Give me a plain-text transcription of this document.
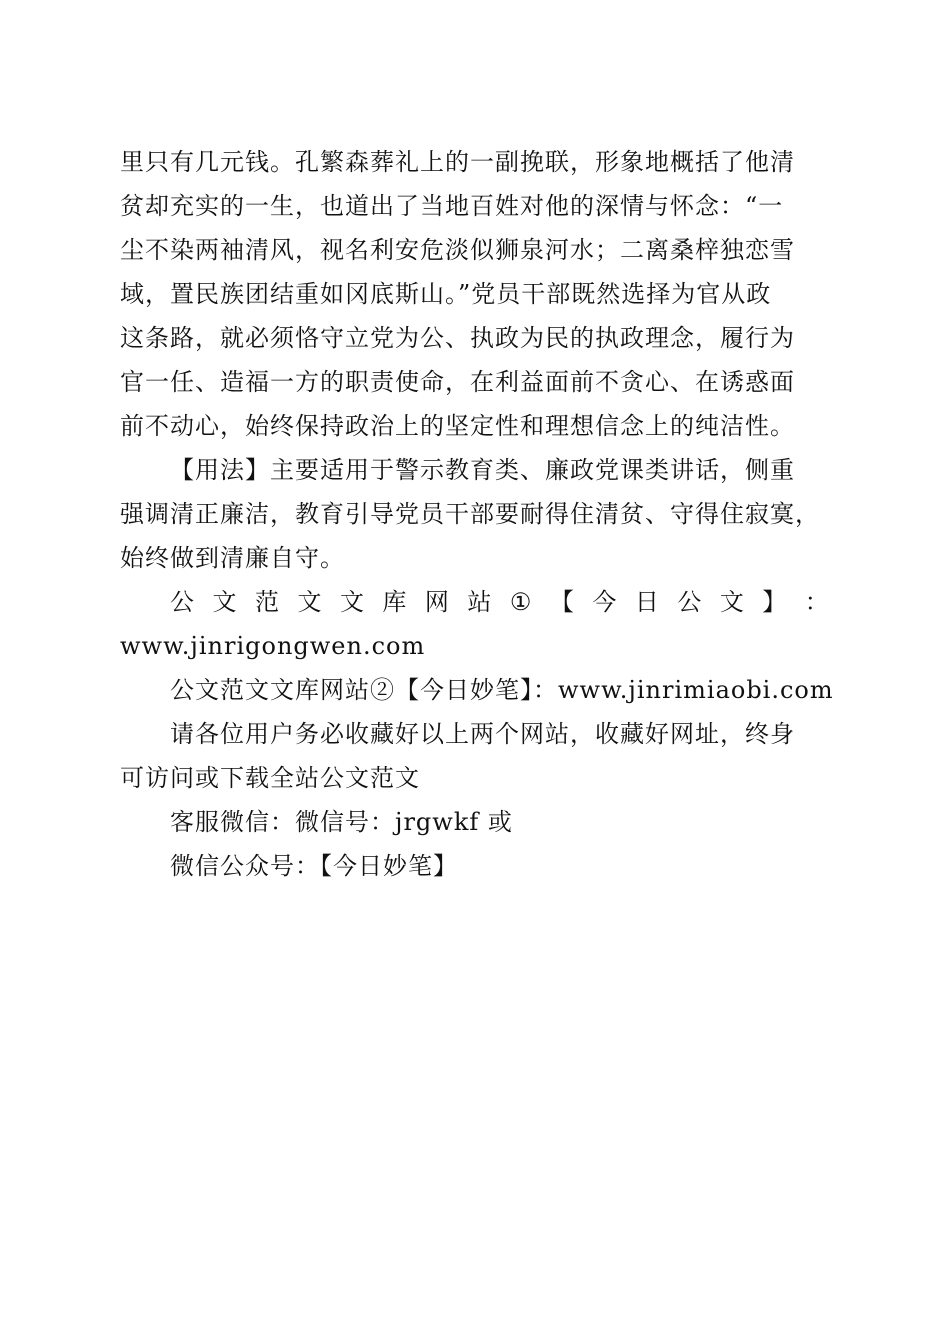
里只有几元钱。孔繁森葬礼上的一副挽联，形象地概括了他清
贫却充实的一生，也道出了当地百姓对他的深情与怀念：“一
尘不染两袖清风，视名利安危淡似狮泉河水；二离桑梓独恋雪
域，置民族团结重如冈底斯山。”党员干部既然选择为官从政
这条路，就必须恪守立党为公、执政为民的执政理念，履行为
官一任、造福一方的职责使命，在利益面前不贪心、在诱惑面
前不动心，始终保持政治上的坚定性和理想信念上的纯洁性。
【用法】主要适用于警示教育类、廉政党课类讲话，侧重
强调清正廉洁，教育引导党员干部要耐得住清贫、守得住寂寞，
始终做到清廉自守。
公 文 范 文 文 库 网 站 ① 【 今 日 公 文 】 ：
www.jinrigongwen.com
公文范文文库网站②【今日妙笔】：www.jinrimiaobi.com
请各位用户务必收藏好以上两个网站，收藏好网址，终身
可访问或下载全站公文范文
客服微信：微信号：jrgwkf 或
微信公众号：【今日妙笔】
